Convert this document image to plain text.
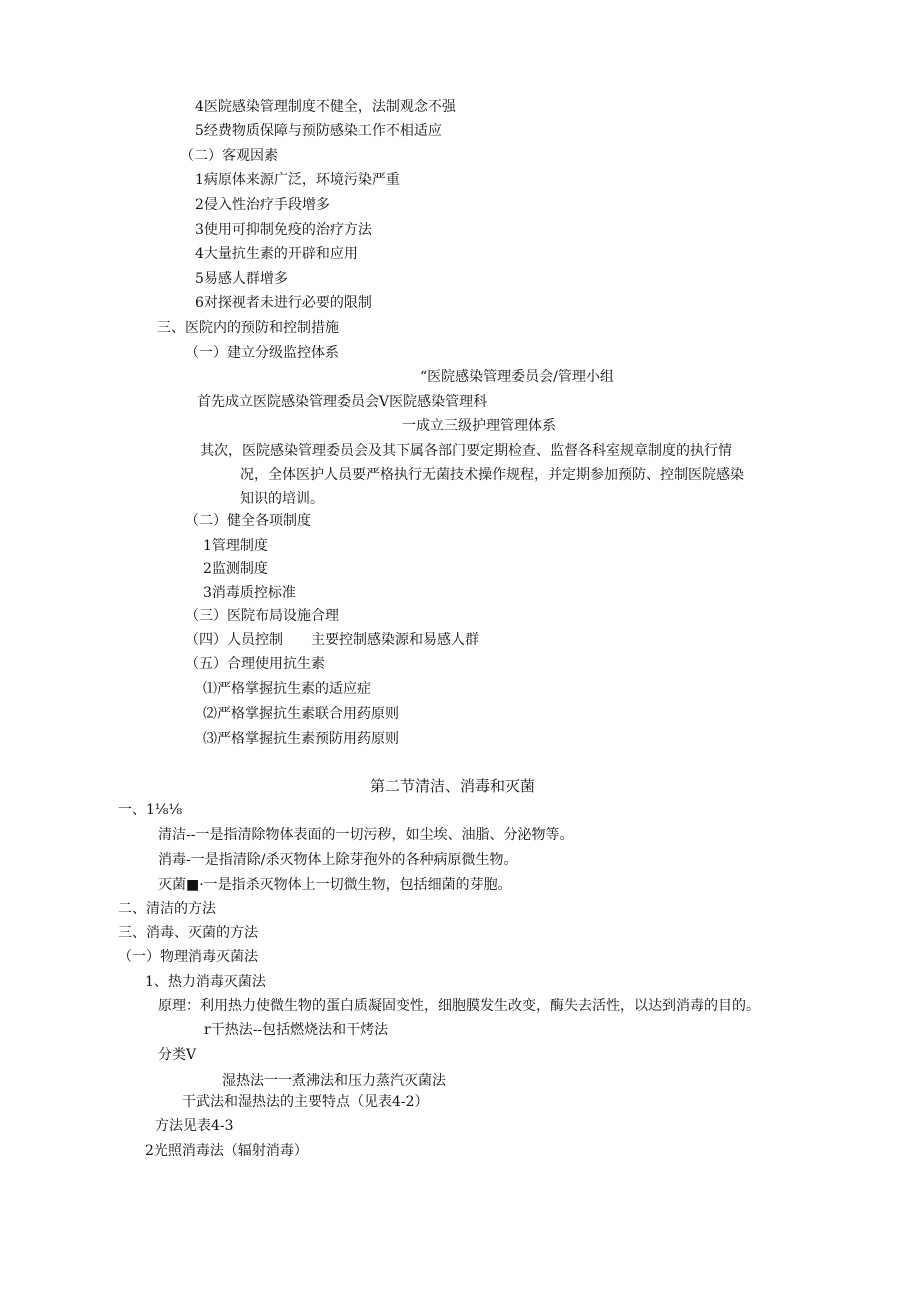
4医院感染管理制度不健全，法制观念不强
5经费物质保障与预防感染工作不相适应
（二）客观因素
1病原体来源广泛，环境污染严重
2侵入性治疗手段增多
3使用可抑制免疫的治疗方法
4大量抗生素的开辟和应用
5易感人群增多
6对探视者未进行必要的限制
三、医院内的预防和控制措施
（一）建立分级监控体系
“医院感染管理委员会/管理小组
首先成立医院感染管理委员会V医院感染管理科
一成立三级护理管理体系
其次，医院感染管理委员会及其下属各部门要定期检查、监督各科室规章制度的执行情
况，全体医护人员要严格执行无菌技术操作规程，并定期参加预防、控制医院感染
知识的培训。
（二）健全各项制度
1管理制度
2监测制度
3消毒质控标准
（三）医院布局设施合理
（四）人员控制　　主要控制感染源和易感人群
（五）合理使用抗生素
⑴严格掌握抗生素的适应症
⑵严格掌握抗生素联合用药原则
⑶严格掌握抗生素预防用药原则
第二节清洁、消毒和灭菌
一、1⅛⅛
清洁--一是指清除物体表面的一切污秽，如尘埃、油脂、分泌物等。
消毒-一是指清除/杀灭物体上除芽孢外的各种病原微生物。
灭菌■·一是指杀灭物体上一切微生物，包括细菌的芽胞。
二、清洁的方法
三、消毒、灭菌的方法
（一）物理消毒灭菌法
1、热力消毒灭菌法
原理：利用热力使微生物的蛋白质凝固变性，细胞膜发生改变，酶失去活性，以达到消毒的目的。
r干热法--包括燃烧法和干烤法
分类V
湿热法一一煮沸法和压力蒸汽灭菌法
干武法和湿热法的主要特点（见表4-2）
方法见表4-3
2光照消毒法（辐射消毒）
